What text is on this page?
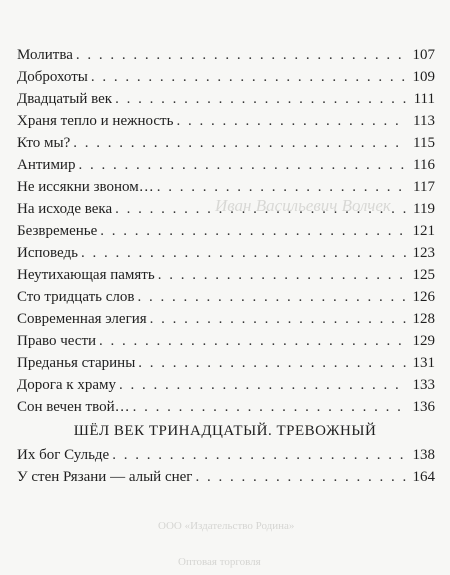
Иван Васильевич Волчек
ООО «Издательство Родина»
Оптовая торговля
Молитва . . .	107
Доброхоты . . .	109
Двадцатый век . . .	111
Храня тепло и нежность . . .	113
Кто мы? . . .	115
Антимир . . .	116
Не иссякни звоном… . . .	117
На исходе века . . .	119
Безвременье . . .	121
Исповедь . . .	123
Неутихающая память . . .	125
Сто тридцать слов . . .	126
Современная элегия . . .	128
Право чести . . .	129
Преданья старины . . .	131
Дорога к храму . . .	133
Сон вечен твой… . . .	136
ШЁЛ ВЕК ТРИНАДЦАТЫЙ. ТРЕВОЖНЫЙ
Их бог Сульде . . .	138
У стен Рязани — алый снег . . .	164
